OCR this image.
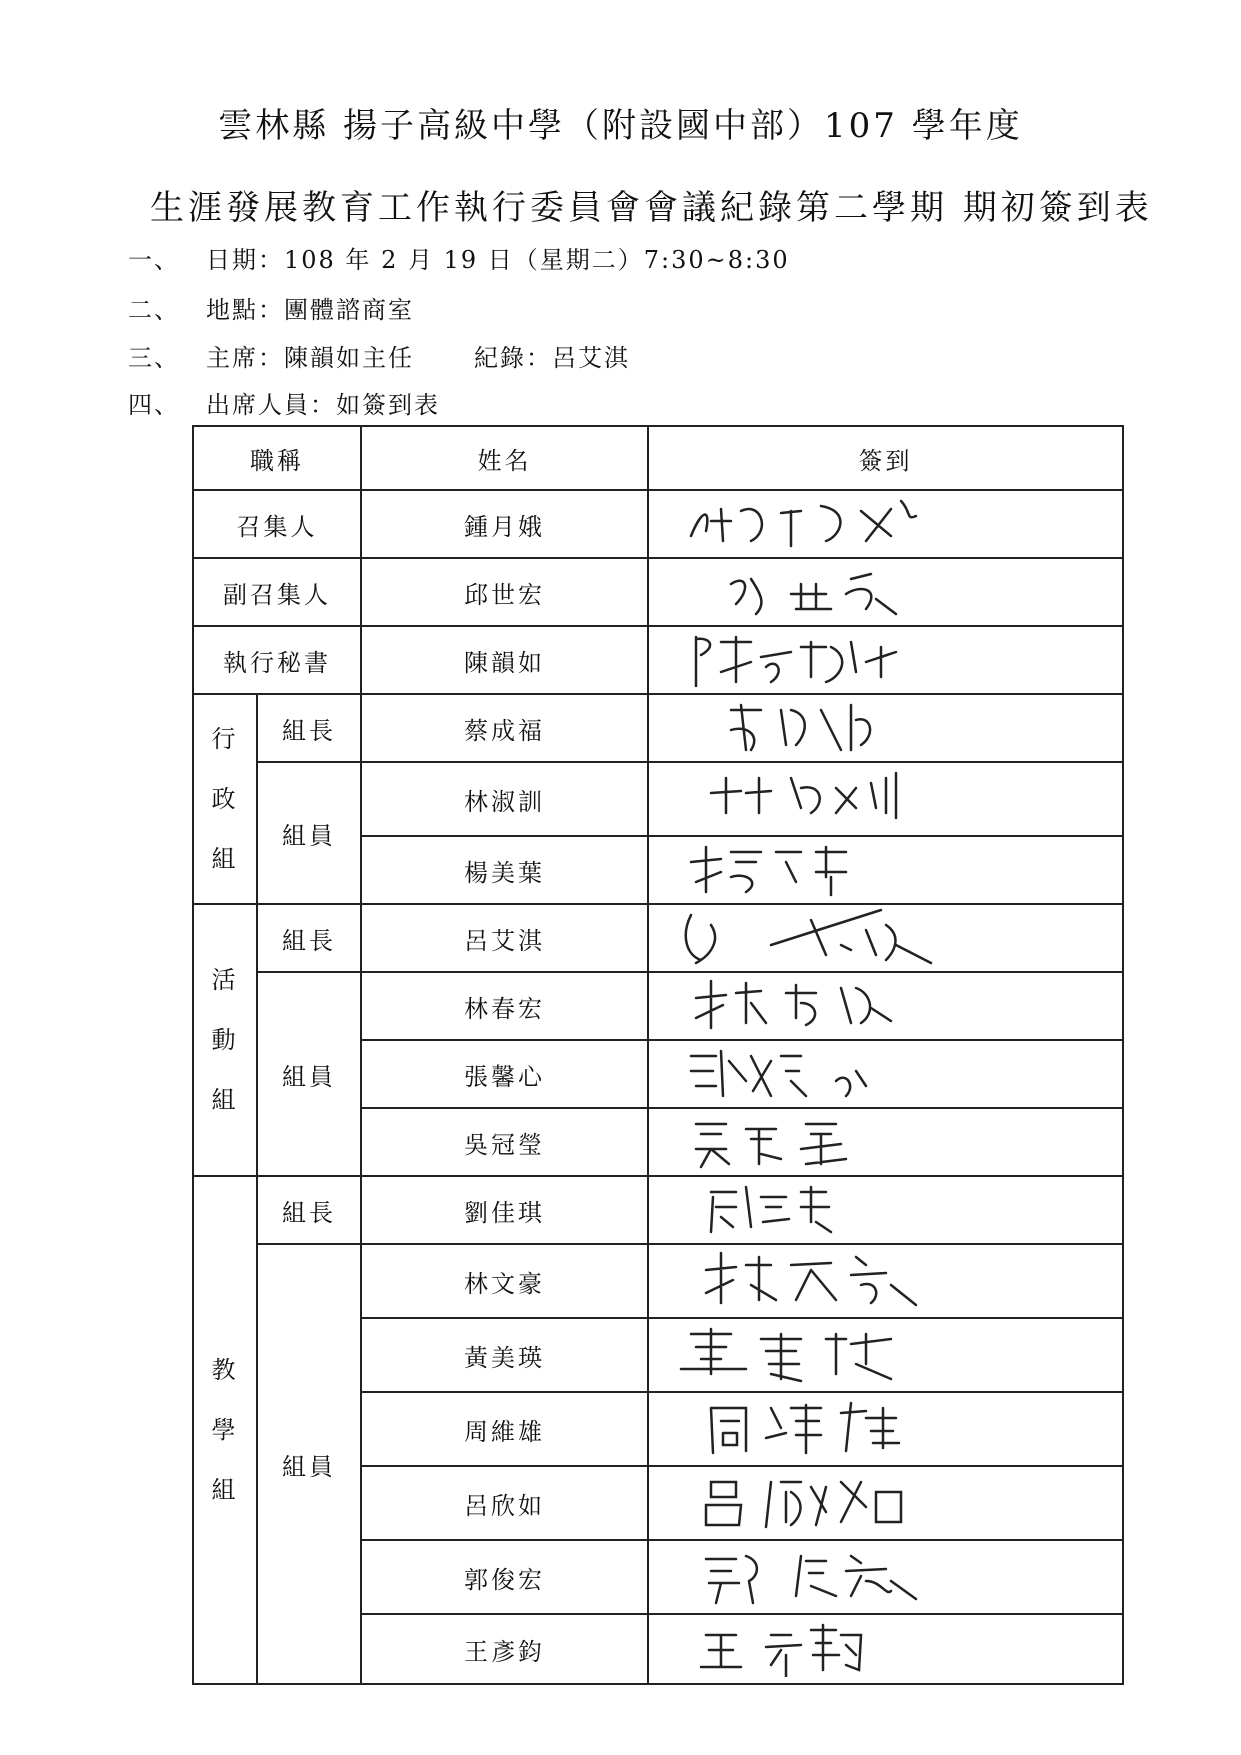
雲林縣 揚子高級中學（附設國中部）107 學年度
生涯發展教育工作執行委員會會議紀錄第二學期 期初簽到表
一、 日期：108 年 2 月 19 日（星期二）7:30~8:30
二、 地點：團體諮商室
三、 主席：陳韻如主任	紀錄：呂艾淇
四、 出席人員：如簽到表
職稱		姓名	簽到
召集人		鍾月娥	
副召集人		邱世宏	
執行秘書		陳韻如	

行
政
組	組長	蔡成福	
	組員	林淑訓	
		楊美葉	

活
動
組	組長	呂艾淇	
	組員	林春宏	
		張馨心	
		吳冠瑩	

教
學
組	組長	劉佳琪	
	組員	林文豪	
		黃美瑛	
		周維雄	
		呂欣如	
		郭俊宏	
		王彥鈞	
